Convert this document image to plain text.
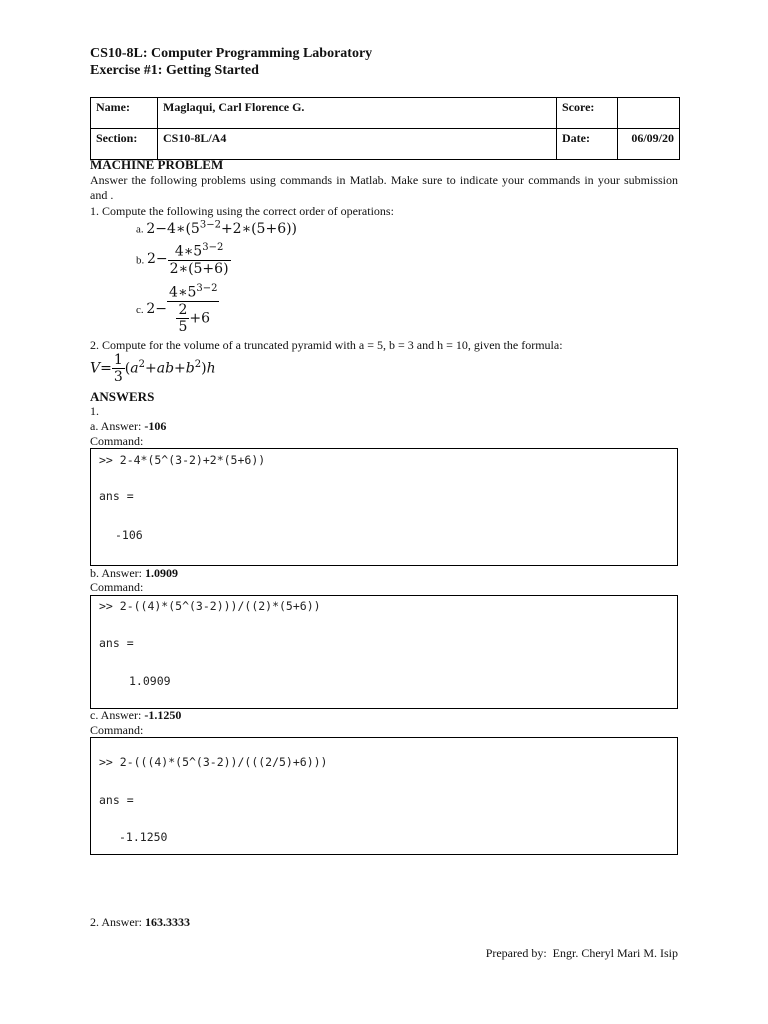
CS10-8L: Computer Programming Laboratory
Exercise #1: Getting Started
Name:	Maglaqui, Carl Florence G.	Score:	
Section:	CS10-8L/A4	Date:	06/09/20
MACHINE PROBLEM
Answer the following problems using commands in Matlab. Make sure to indicate your commands in your submission and .
1. Compute the following using the correct order of operations:
a. $2-4∗(5^{3-2}+2∗(5+6))$
b. $2- \frac{4∗5^{3-2}}{2∗(5+6)}$
c. $2- \frac{4∗5^{3-2}}{\frac{2}{5} +6}$
2. Compute for the volume of a truncated pyramid with a = 5, b = 3 and h = 10, given the formula:
$V= \frac{1}{3} (a^2+ab+b^2)h$
ANSWERS
1.
a. Answer: -106
Command:
>> 2-4*(5^(3-2)+2*(5+6))
ans =
-106
b. Answer: 1.0909
Command:
>> 2-((4)*(5^(3-2)))/((2)*(5+6))
ans =
1.0909
c. Answer: -1.1250
Command:
>> 2-(((4)*(5^(3-2))/(((2/5)+6)))
ans =
-1.1250
2. Answer: 163.3333
Prepared by:  Engr. Cheryl Mari M. Isip
